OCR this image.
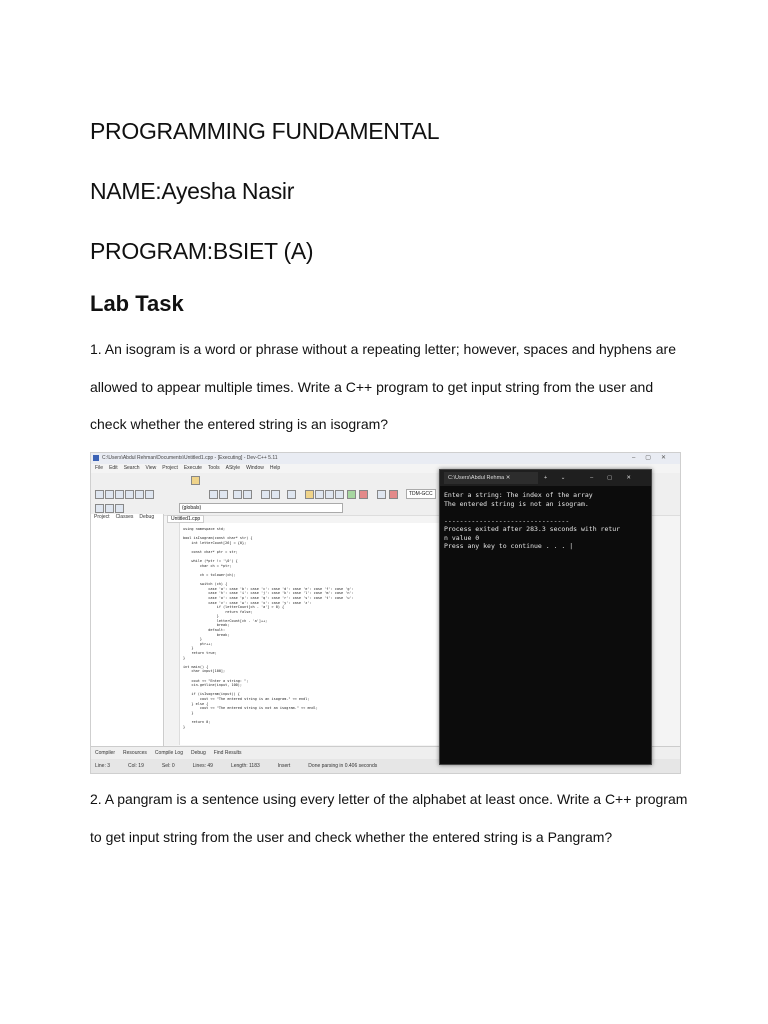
PROGRAMMING FUNDAMENTAL
NAME:Ayesha Nasir
PROGRAM:BSIET (A)
Lab Task
1. An isogram is a word or phrase without a repeating letter; however, spaces and hyphens are allowed to appear multiple times. Write a C++ program to get input string from the user and check whether the entered string is an isogram?
C:\Users\Abdul Rehman\Documents\Untitled1.cpp - [Executing] - Dev-C++ 5.11	–▢✕
File Edit Search View Project Execute Tools AStyle Window Help
TDM-GCC
(globals)
Project Classes Debug	Untitled1.cpp
using namespace std;

bool isIsogram(const char* str) {
int letterCount[26] = {0};

const char* ptr = str;

while (*ptr != '\0') {
char ch = *ptr;

ch = tolower(ch);

switch (ch) {
case 'a': case 'b': case 'c': case 'd': case 'e': case 'f': case 'g':
case 'h': case 'i': case 'j': case 'k': case 'l': case 'm': case 'n':
case 'o': case 'p': case 'q': case 'r': case 's': case 't': case 'u':
case 'v': case 'w': case 'x': case 'y': case 'z':
if (letterCount[ch - 'a'] > 0) {
return false;
}
letterCount[ch - 'a']++;
break;
default:
break;
}
ptr++;
}
return true;
}

int main() {
char input[100];

cout << "Enter a string: ";
cin.getline(input, 100);

if (isIsogram(input)) {
cout << "The entered string is an isogram." << endl;
} else {
cout << "The entered string is not an isogram." << endl;
}

return 0;
}
Compiler Resources Compile Log Debug Find Results
Line: 3	Col: 19	Sel: 0	Lines: 49	Length: 1183	Insert	Done parsing in 0.406 seconds
C:\Users\Abdul Rehma ✕	+ ⌄	–▢✕
Enter a string: The index of the array
The entered string is not an isogram.

--------------------------------
Process exited after 283.3 seconds with retur
n value 0
Press any key to continue . . . |
2. A pangram is a sentence using every letter of the alphabet at least once. Write a C++ program to get input string from the user and check whether the entered string is a Pangram?
